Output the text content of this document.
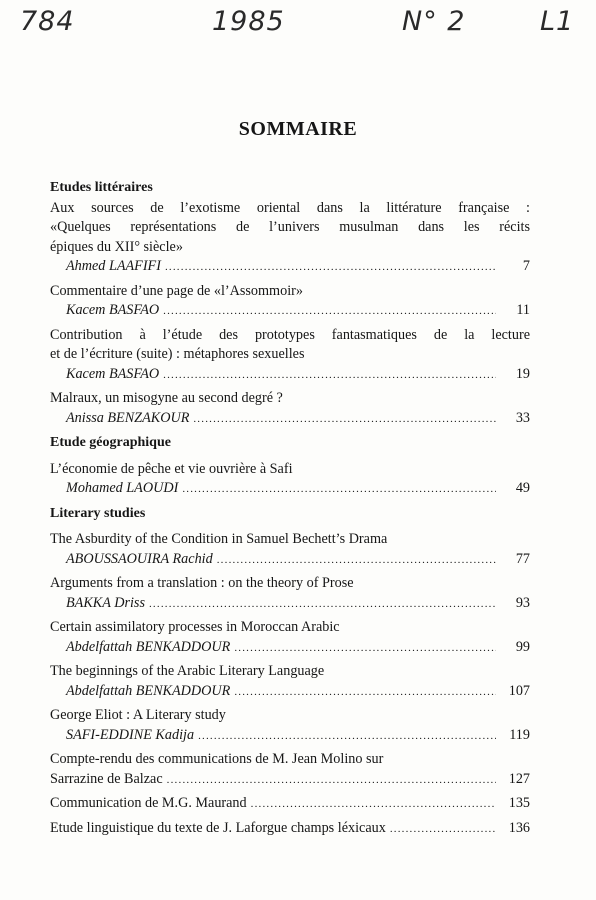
784	1985	N° 2	L1
SOMMAIRE
Etudes littéraires
Aux sources de l’exotisme oriental dans la littérature française :
«Quelques représentations de l’univers musulman dans les récits
épiques du XII° siècle»
Ahmed LAAFIFI .....	7
Commentaire d’une page de «l’Assommoir»
Kacem BASFAO .....	11
Contribution à l’étude des prototypes fantasmatiques de la lecture
et de l’écriture (suite) : métaphores sexuelles
Kacem BASFAO .....	19
Malraux, un misogyne au second degré ?
Anissa BENZAKOUR .....	33
Etude géographique
L’économie de pêche et vie ouvrière à Safi
Mohamed LAOUDI .....	49
Literary studies
The Asburdity of the Condition in Samuel Bechett’s Drama
ABOUSSAOUIRA Rachid .....	77
Arguments from a translation : on the theory of Prose
BAKKA Driss .....	93
Certain assimilatory processes in Moroccan Arabic
Abdelfattah BENKADDOUR .....	99
The beginnings of the Arabic Literary Language
Abdelfattah BENKADDOUR .....	107
George Eliot : A Literary study
SAFI-EDDINE Kadija .....	119
Compte-rendu des communications de M. Jean Molino sur
Sarrazine de Balzac .....	127
Communication de M.G. Maurand .....	135
Etude linguistique du texte de J. Laforgue champs léxicaux .....	136
